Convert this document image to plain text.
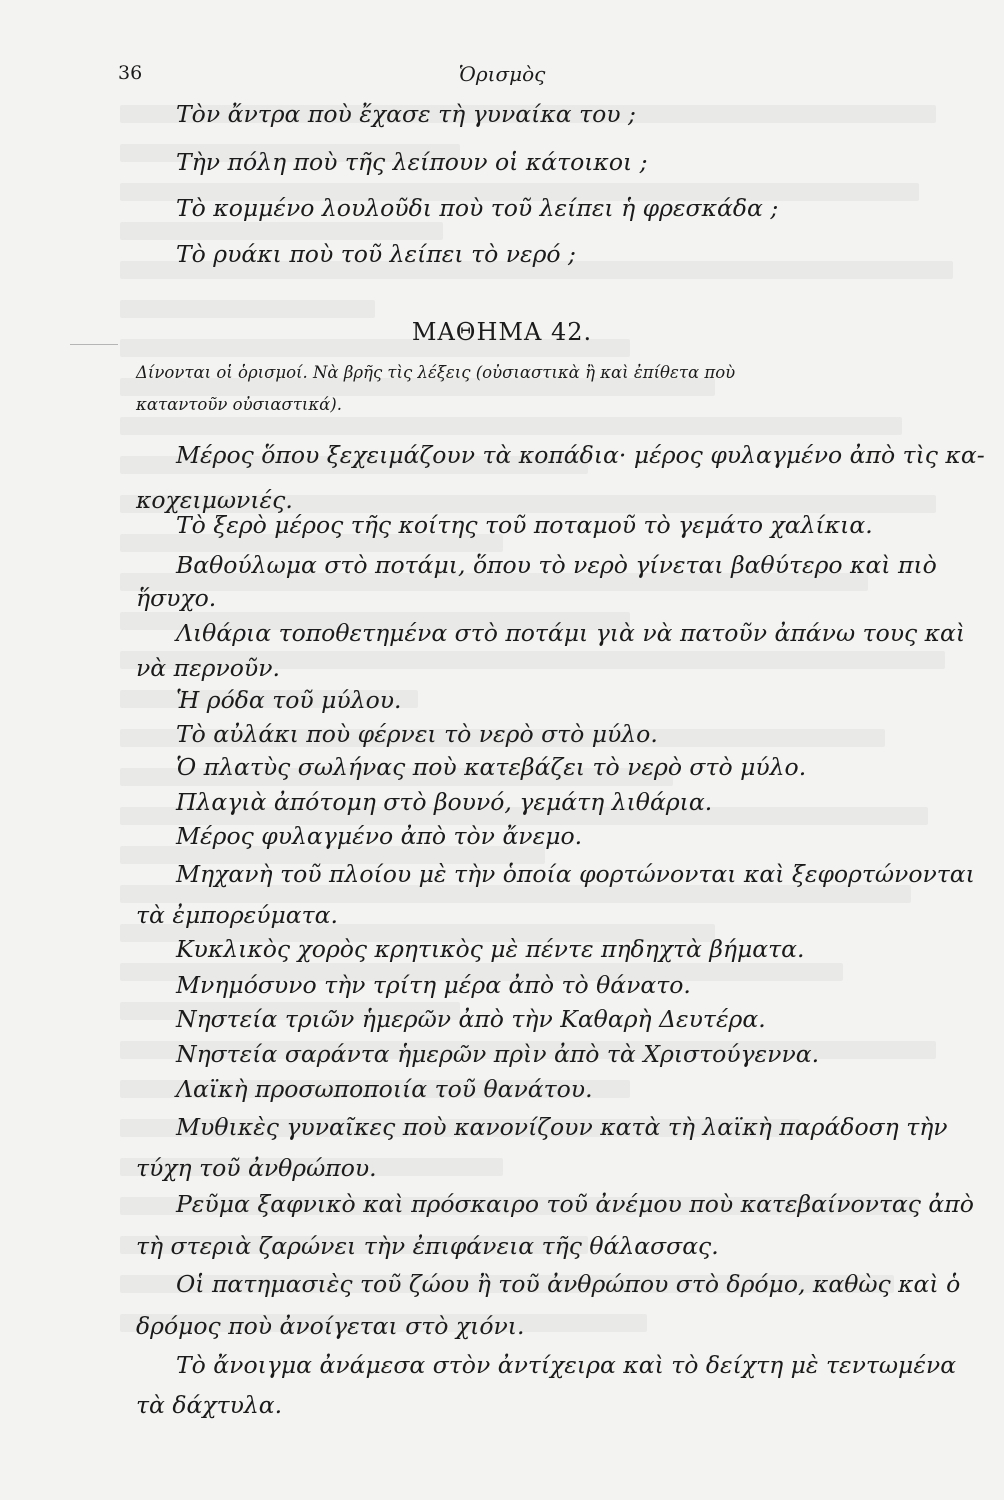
36	Ὁρισμὸς
Τὸν ἄντρα ποὺ ἔχασε τὴ γυναίκα του ;
Τὴν πόλη ποὺ τῆς λείπουν οἱ κάτοικοι ;
Τὸ κομμένο λουλοῦδι ποὺ τοῦ λείπει ἡ φρεσκάδα ;
Τὸ ρυάκι ποὺ τοῦ λείπει τὸ νερό ;
ΜΑΘΗΜΑ 42.
Δίνονται οἱ ὁρισμοί. Νὰ βρῆς τὶς λέξεις (οὐσιαστικὰ ἢ καὶ ἐπίθετα ποὺ
καταντοῦν οὐσιαστικά).
Μέρος ὅπου ξεχειμάζουν τὰ κοπάδια· μέρος φυλαγμένο ἀπὸ τὶς κα-
κοχειμωνιές.
Τὸ ξερὸ μέρος τῆς κοίτης τοῦ ποταμοῦ τὸ γεμάτο χαλίκια.
Βαθούλωμα στὸ ποτάμι, ὅπου τὸ νερὸ γίνεται βαθύτερο καὶ πιὸ
ἥσυχο.
Λιθάρια τοποθετημένα στὸ ποτάμι γιὰ νὰ πατοῦν ἀπάνω τους καὶ
νὰ περνοῦν.
Ἡ ρόδα τοῦ μύλου.
Τὸ αὐλάκι ποὺ φέρνει τὸ νερὸ στὸ μύλο.
Ὁ πλατὺς σωλήνας ποὺ κατεβάζει τὸ νερὸ στὸ μύλο.
Πλαγιὰ ἀπότομη στὸ βουνό, γεμάτη λιθάρια.
Μέρος φυλαγμένο ἀπὸ τὸν ἄνεμο.
Μηχανὴ τοῦ πλοίου μὲ τὴν ὁποία φορτώνονται καὶ ξεφορτώνονται
τὰ ἐμπορεύματα.
Κυκλικὸς χορὸς κρητικὸς μὲ πέντε πηδηχτὰ βήματα.
Μνημόσυνο τὴν τρίτη μέρα ἀπὸ τὸ θάνατο.
Νηστεία τριῶν ἡμερῶν ἀπὸ τὴν Καθαρὴ Δευτέρα.
Νηστεία σαράντα ἡμερῶν πρὶν ἀπὸ τὰ Χριστούγεννα.
Λαϊκὴ προσωποποιία τοῦ θανάτου.
Μυθικὲς γυναῖκες ποὺ κανονίζουν κατὰ τὴ λαϊκὴ παράδοση τὴν
τύχη τοῦ ἀνθρώπου.
Ρεῦμα ξαφνικὸ καὶ πρόσκαιρο τοῦ ἀνέμου ποὺ κατεβαίνοντας ἀπὸ
τὴ στεριὰ ζαρώνει τὴν ἐπιφάνεια τῆς θάλασσας.
Οἱ πατημασιὲς τοῦ ζώου ἢ τοῦ ἀνθρώπου στὸ δρόμο, καθὼς καὶ ὁ
δρόμος ποὺ ἀνοίγεται στὸ χιόνι.
Τὸ ἄνοιγμα ἀνάμεσα στὸν ἀντίχειρα καὶ τὸ δείχτη μὲ τεντωμένα
τὰ δάχτυλα.
